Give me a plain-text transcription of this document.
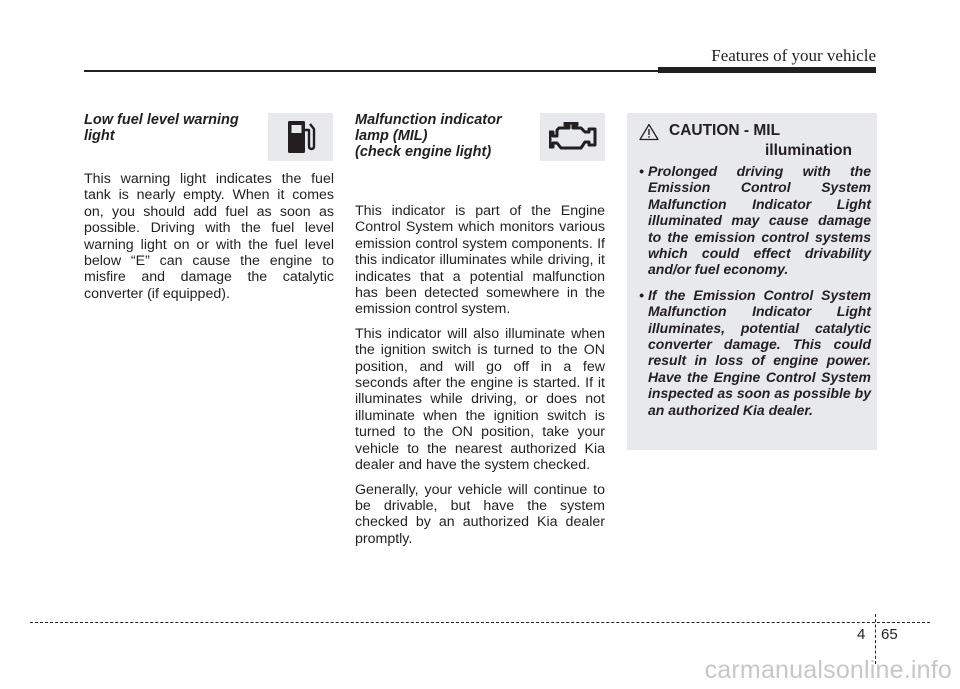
Features of your vehicle
Low fuel level warning
light

This warning light indicates the fuel tank is nearly empty. When it comes on, you should add fuel as soon as possible. Driving with the fuel level warning light on or with the fuel level below “E” can cause the engine to misfire and damage the catalytic converter (if equipped).

Malfunction indicator
lamp (MIL)
(check engine light)

This indicator is part of the Engine Control System which monitors various emission control system components. If this indicator illuminates while driving, it indicates that a potential malfunction has been detected somewhere in the emission control system.

This indicator will also illuminate when the ignition switch is turned to the ON position, and will go off in a few seconds after the engine is started. If it illuminates while driving, or does not illuminate when the ignition switch is turned to the ON position, take your vehicle to the nearest authorized Kia dealer and have the system checked.

Generally, your vehicle will continue to be drivable, but have the system checked by an authorized Kia dealer promptly.

CAUTION - MIL
illumination
• Prolonged driving with the Emission Control System Malfunction Indicator Light illuminated may cause damage to the emission control systems which could effect drivability and/or fuel economy.
• If the Emission Control System Malfunction Indicator Light illuminates, potential catalytic converter damage. This could result in loss of engine power. Have the Engine Control System inspected as soon as possible by an authorized Kia dealer.
4 65
carmanualsonline.info
